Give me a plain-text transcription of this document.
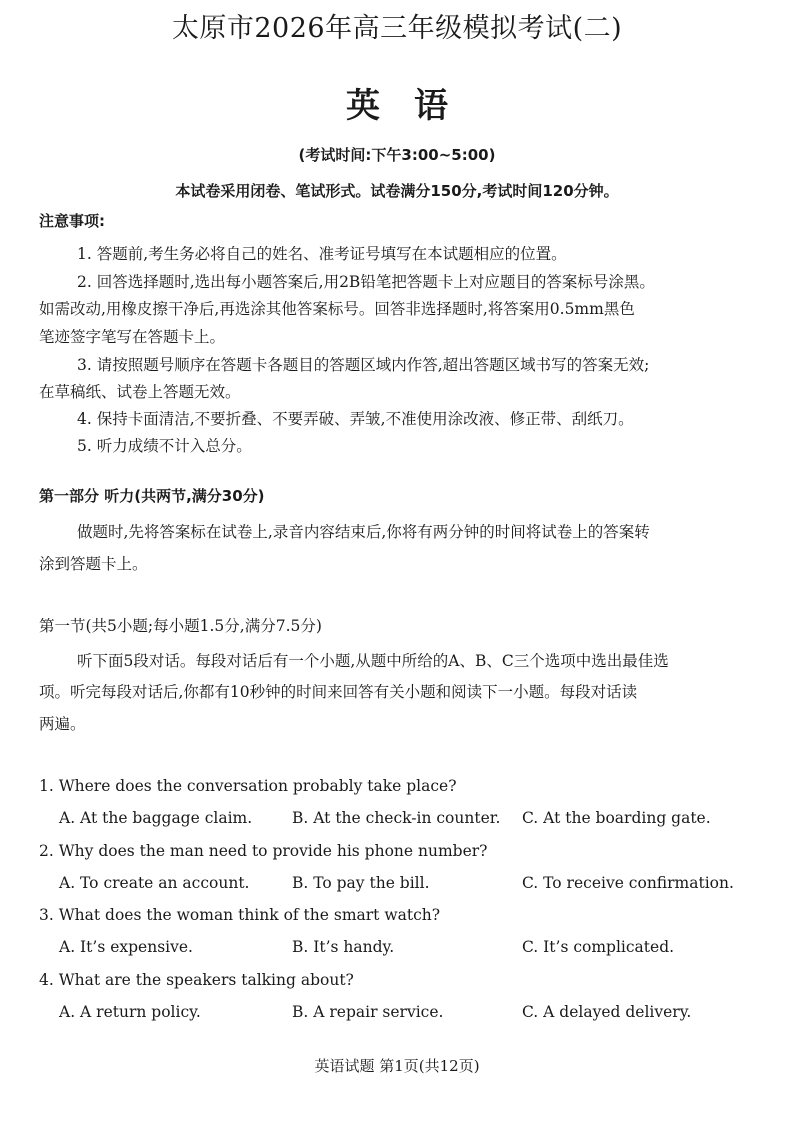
太原市2026年高三年级模拟考试(二)
英语
(考试时间:下午3:00~5:00)
本试卷采用闭卷、笔试形式。试卷满分150分,考试时间120分钟。
注意事项:
1. 答题前,考生务必将自己的姓名、准考证号填写在本试题相应的位置。
2. 回答选择题时,选出每小题答案后,用2B铅笔把答题卡上对应题目的答案标号涂黑。
如需改动,用橡皮擦干净后,再选涂其他答案标号。回答非选择题时,将答案用0.5mm黑色
笔迹签字笔写在答题卡上。
3. 请按照题号顺序在答题卡各题目的答题区域内作答,超出答题区域书写的答案无效;
在草稿纸、试卷上答题无效。
4. 保持卡面清洁,不要折叠、不要弄破、弄皱,不准使用涂改液、修正带、刮纸刀。
5. 听力成绩不计入总分。
第一部分 听力(共两节,满分30分)
做题时,先将答案标在试卷上,录音内容结束后,你将有两分钟的时间将试卷上的答案转
涂到答题卡上。
第一节(共5小题;每小题1.5分,满分7.5分)
听下面5段对话。每段对话后有一个小题,从题中所给的A、B、C三个选项中选出最佳选
项。听完每段对话后,你都有10秒钟的时间来回答有关小题和阅读下一小题。每段对话读
两遍。
1. Where does the conversation probably take place?
A. At the baggage claim.	B. At the check-in counter. C. At the boarding gate.
2. Why does the man need to provide his phone number?
A. To create an account.	B. To pay the bill.	C. To receive confirmation.
3. What does the woman think of the smart watch?
A. It’s expensive.	B. It’s handy.	C. It’s complicated.
4. What are the speakers talking about?
A. A return policy.	B. A repair service.	C. A delayed delivery.
英语试题 第1页(共12页)
